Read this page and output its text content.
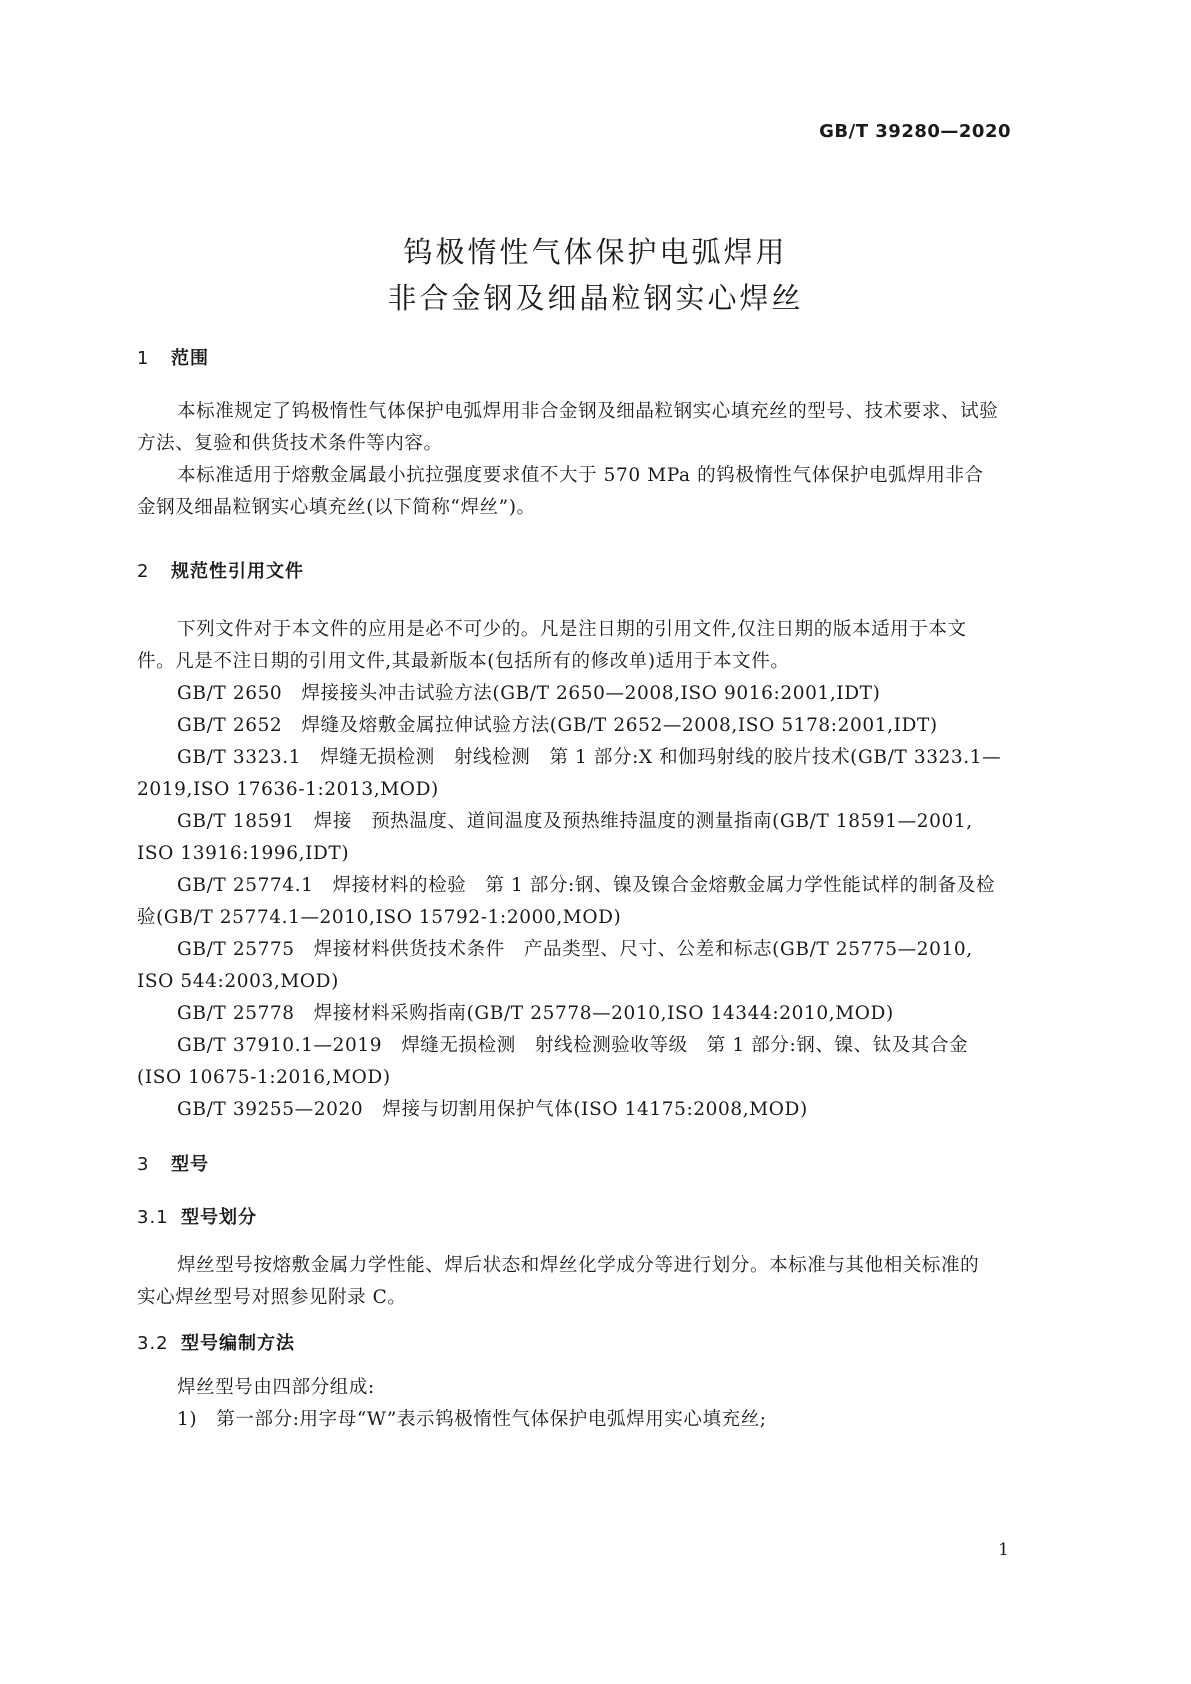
GB/T 39280—2020
钨极惰性气体保护电弧焊用
非合金钢及细晶粒钢实心焊丝
1 范围
本标准规定了钨极惰性气体保护电弧焊用非合金钢及细晶粒钢实心填充丝的型号、技术要求、试验
方法、复验和供货技术条件等内容。
本标准适用于熔敷金属最小抗拉强度要求值不大于 570 MPa 的钨极惰性气体保护电弧焊用非合
金钢及细晶粒钢实心填充丝(以下简称“焊丝”)。
2 规范性引用文件
下列文件对于本文件的应用是必不可少的。凡是注日期的引用文件,仅注日期的版本适用于本文
件。凡是不注日期的引用文件,其最新版本(包括所有的修改单)适用于本文件。
GB/T 2650　焊接接头冲击试验方法(GB/T 2650—2008,ISO 9016:2001,IDT)
GB/T 2652　焊缝及熔敷金属拉伸试验方法(GB/T 2652—2008,ISO 5178:2001,IDT)
GB/T 3323.1　焊缝无损检测　射线检测　第 1 部分:X 和伽玛射线的胶片技术(GB/T 3323.1—
2019,ISO 17636-1:2013,MOD)
GB/T 18591　焊接　预热温度、道间温度及预热维持温度的测量指南(GB/T 18591—2001,
ISO 13916:1996,IDT)
GB/T 25774.1　焊接材料的检验　第 1 部分:钢、镍及镍合金熔敷金属力学性能试样的制备及检
验(GB/T 25774.1—2010,ISO 15792-1:2000,MOD)
GB/T 25775　焊接材料供货技术条件　产品类型、尺寸、公差和标志(GB/T 25775—2010,
ISO 544:2003,MOD)
GB/T 25778　焊接材料采购指南(GB/T 25778—2010,ISO 14344:2010,MOD)
GB/T 37910.1—2019　焊缝无损检测　射线检测验收等级　第 1 部分:钢、镍、钛及其合金
(ISO 10675-1:2016,MOD)
GB/T 39255—2020　焊接与切割用保护气体(ISO 14175:2008,MOD)
3 型号
3.1 型号划分
焊丝型号按熔敷金属力学性能、焊后状态和焊丝化学成分等进行划分。本标准与其他相关标准的
实心焊丝型号对照参见附录 C。
3.2 型号编制方法
焊丝型号由四部分组成:
1)　第一部分:用字母“W”表示钨极惰性气体保护电弧焊用实心填充丝;
1
